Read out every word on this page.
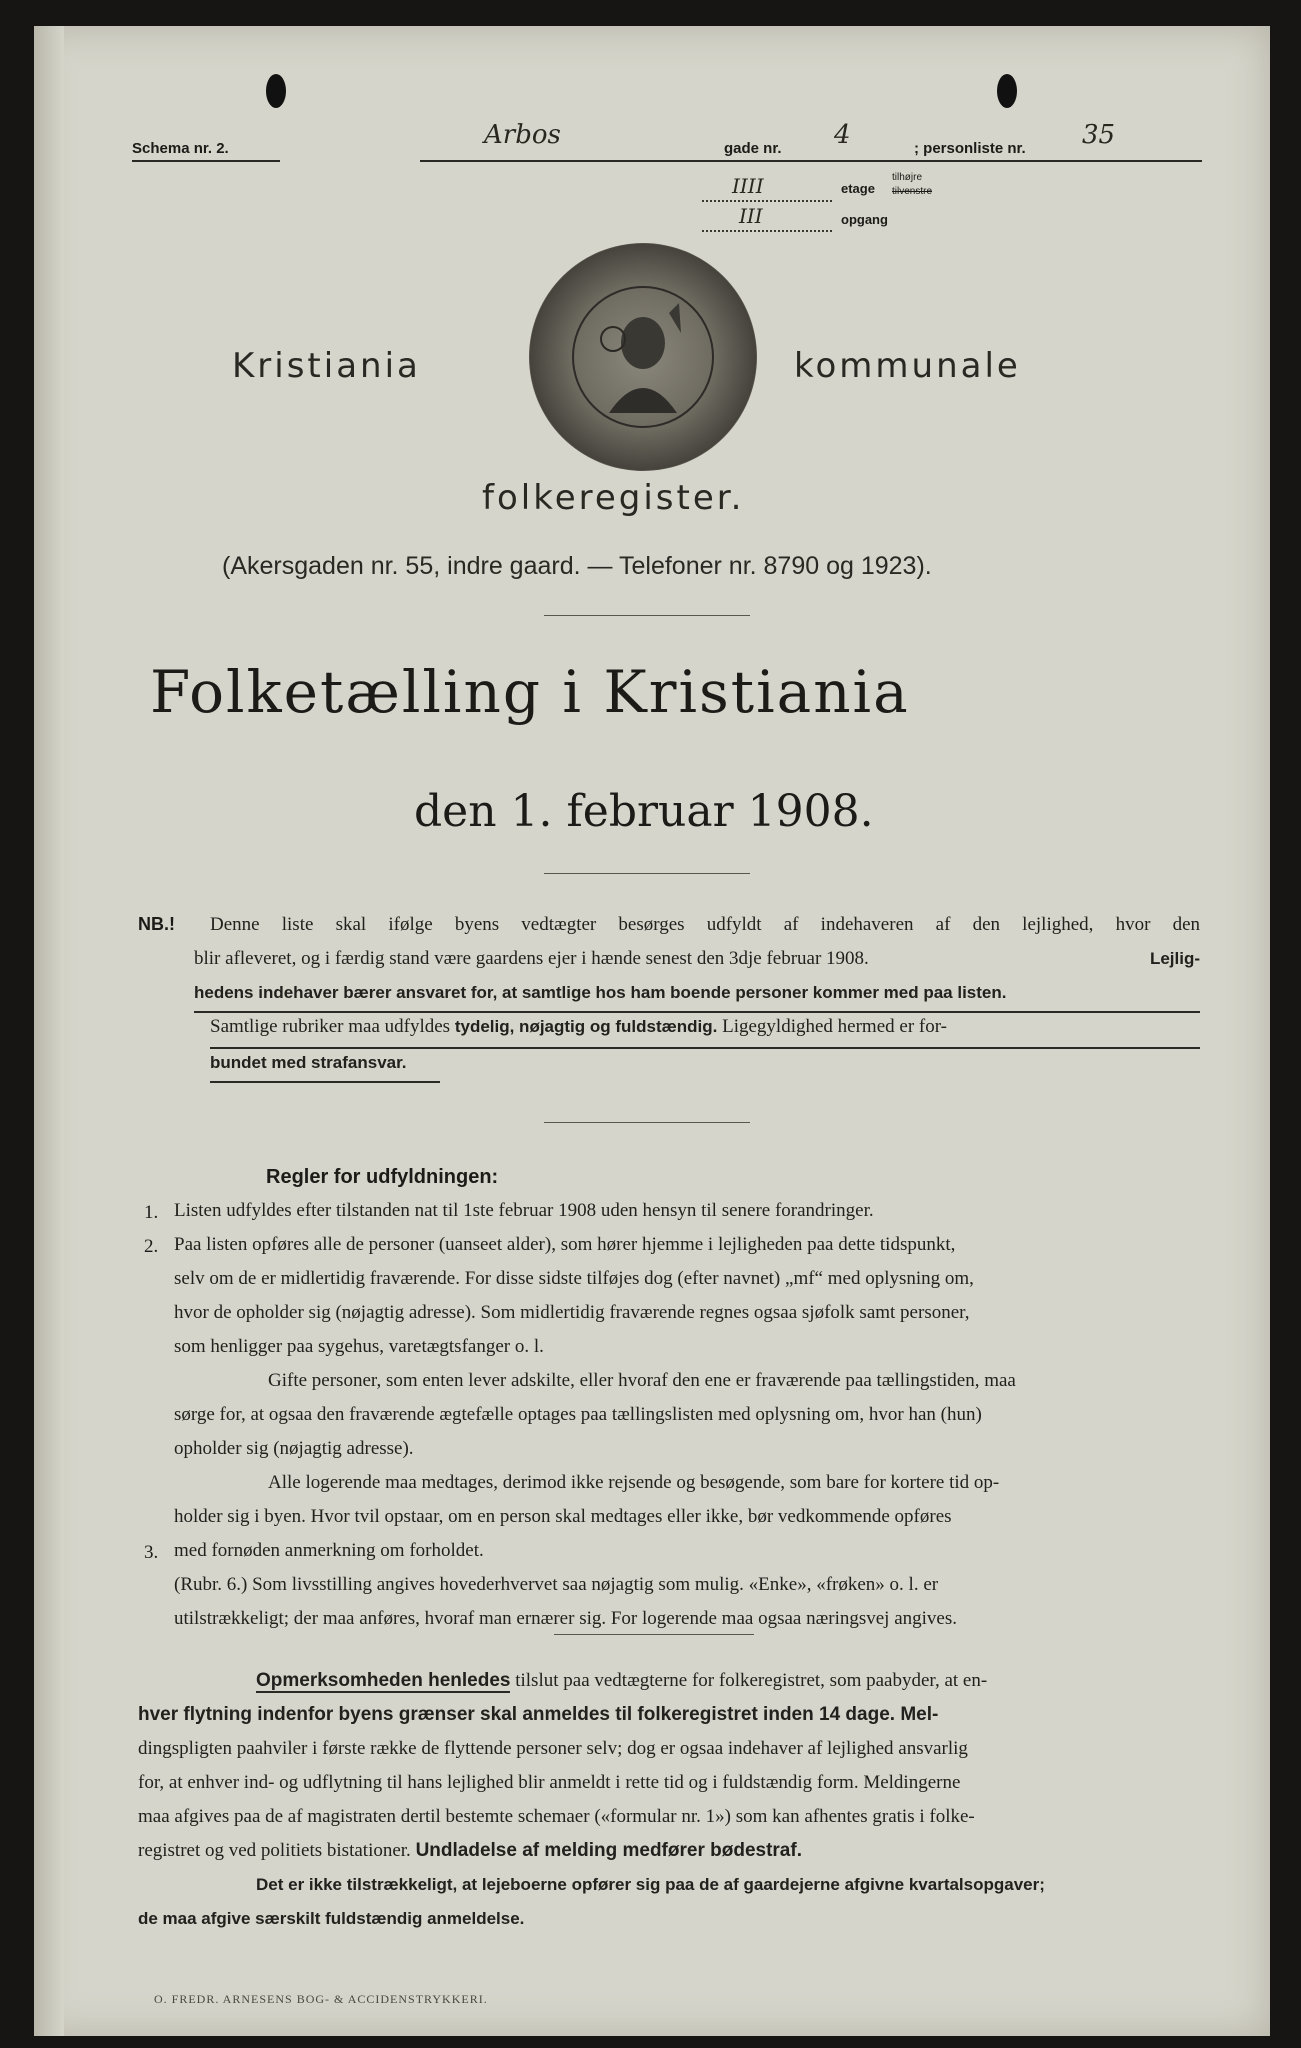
Schema nr. 2.	Arbos	gade nr. 4	; personliste nr. 35
IIII	etage
tilhøjre
tilvenstre
III	opgang
Kristiania	kommunale
folkeregister.
(Akersgaden nr. 55, indre gaard. — Telefoner nr. 8790 og 1923).
Folketælling i Kristiania
den 1. februar 1908.
NB.! Denne liste skal ifølge byens vedtægter besørges udfyldt af indehaveren af den lejlighed, hvor den
blir afleveret, og i færdig stand være gaardens ejer i hænde senest den 3dje februar 1908.	Lejlig-
hedens indehaver bærer ansvaret for, at samtlige hos ham boende personer kommer med paa listen.
Samtlige rubriker maa udfyldes tydelig, nøjagtig og fuldstændig. Ligegyldighed hermed er for-
bundet med strafansvar.
Regler for udfyldningen:
1.
2.
3.
Listen udfyldes efter tilstanden nat til 1ste februar 1908 uden hensyn til senere forandringer.
Paa listen opføres alle de personer (uanseet alder), som hører hjemme i lejligheden paa dette tidspunkt,
selv om de er midlertidig fraværende. For disse sidste tilføjes dog (efter navnet) „mf“ med oplysning om,
hvor de opholder sig (nøjagtig adresse). Som midlertidig fraværende regnes ogsaa sjøfolk samt personer,
som henligger paa sygehus, varetægtsfanger o. l.
Gifte personer, som enten lever adskilte, eller hvoraf den ene er fraværende paa tællingstiden, maa
sørge for, at ogsaa den fraværende ægtefælle optages paa tællingslisten med oplysning om, hvor han (hun)
opholder sig (nøjagtig adresse).
Alle logerende maa medtages, derimod ikke rejsende og besøgende, som bare for kortere tid op-
holder sig i byen. Hvor tvil opstaar, om en person skal medtages eller ikke, bør vedkommende opføres
med fornøden anmerkning om forholdet.
(Rubr. 6.) Som livsstilling angives hovederhvervet saa nøjagtig som mulig. «Enke», «frøken» o. l. er
utilstrækkeligt; der maa anføres, hvoraf man ernærer sig. For logerende maa ogsaa næringsvej angives.
Opmerksomheden henledes tilslut paa vedtægterne for folkeregistret, som paabyder, at en-
hver flytning indenfor byens grænser skal anmeldes til folkeregistret inden 14 dage. Mel-
dingspligten paahviler i første række de flyttende personer selv; dog er ogsaa indehaver af lejlighed ansvarlig
for, at enhver ind- og udflytning til hans lejlighed blir anmeldt i rette tid og i fuldstændig form. Meldingerne
maa afgives paa de af magistraten dertil bestemte schemaer («formular nr. 1») som kan afhentes gratis i folke-
registret og ved politiets bistationer. Undladelse af melding medfører bødestraf.
Det er ikke tilstrækkeligt, at lejeboerne opfører sig paa de af gaardejerne afgivne kvartalsopgaver;
de maa afgive særskilt fuldstændig anmeldelse.
O. FREDR. ARNESENS BOG- & ACCIDENSTRYKKERI.
